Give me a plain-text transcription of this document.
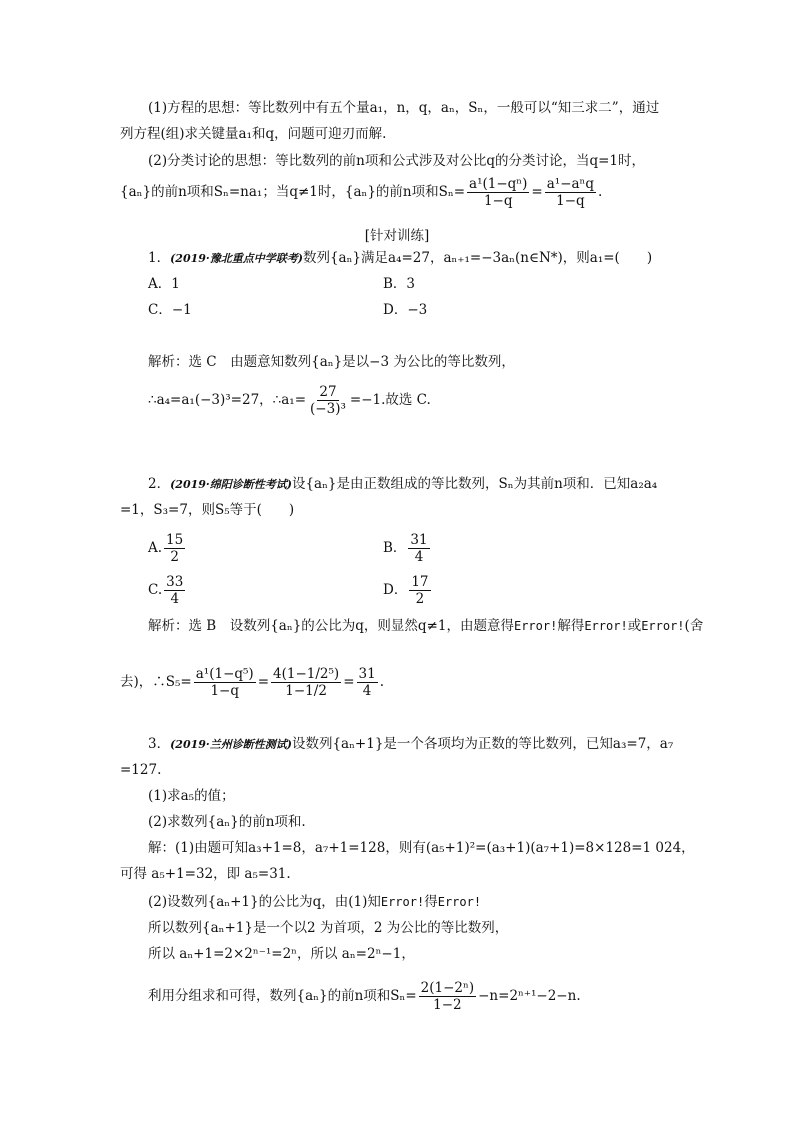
(1)方程的思想：等比数列中有五个量a₁，n，q，aₙ，Sₙ，一般可以“知三求二”，通过
列方程(组)求关键量a₁和q，问题可迎刃而解.
(2)分类讨论的思想：等比数列的前n项和公式涉及对公比q的分类讨论，当q=1时，
{aₙ}的前n项和Sₙ=na₁；当q≠1时，{aₙ}的前n项和$S_n= \frac{\text{a¹(1−qⁿ)}}{1-q} = \frac{\text{a¹−aⁿq}}{1-q}$ .
[针对训练]
1．(2019·豫北重点中学联考)数列{aₙ}满足a₄=27，aₙ₊₁=−3aₙ(n∈N*)，则a₁=(　　)
A．1	B．3
C．−1	D．−3
解析：选 C　由题意知数列{aₙ}是以−3 为公比的等比数列，
∴a₄=a₁(−3)³=27，∴a₁= $\frac{27}{\text{(−3)³}} =-1$.故选 C.
2．(2019·绵阳诊断性考试)设{aₙ}是由正数组成的等比数列，Sₙ为其前n项和．已知a₂a₄
=1，S₃=7，则S₅等于(　　)
A. $\frac{15}{2}$	B． $\frac{31}{4}$
C. $\frac{33}{4}$	D． $\frac{17}{2}$
解析：选 B　设数列{aₙ}的公比为q，则显然q≠1，由题意得Error!解得Error!或Error!(舍
去)，∴S₅= $\frac{\text{a¹(1−q⁵)}}{1-q} = \frac{\text{4(1−1/2⁵)}}{1-1/2} = \frac{31}{4}$ .
3．(2019·兰州诊断性测试)设数列{aₙ+1}是一个各项均为正数的等比数列，已知a₃=7，a₇
=127.
(1)求a₅的值；
(2)求数列{aₙ}的前n项和.
解：(1)由题可知a₃+1=8，a₇+1=128，则有(a₅+1)²=(a₃+1)(a₇+1)=8×128=1 024，
可得 a₅+1=32，即 a₅=31.
(2)设数列{aₙ+1}的公比为q，由(1)知Error!得Error!
所以数列{aₙ+1}是一个以2 为首项，2 为公比的等比数列，
所以 aₙ+1=2×2ⁿ⁻¹=2ⁿ，所以 aₙ=2ⁿ−1，
利用分组求和可得，数列{aₙ}的前n项和$S_n= \frac{\text{2(1−2ⁿ)}}{1-2} -n=2^{n+1}-2-n$.
